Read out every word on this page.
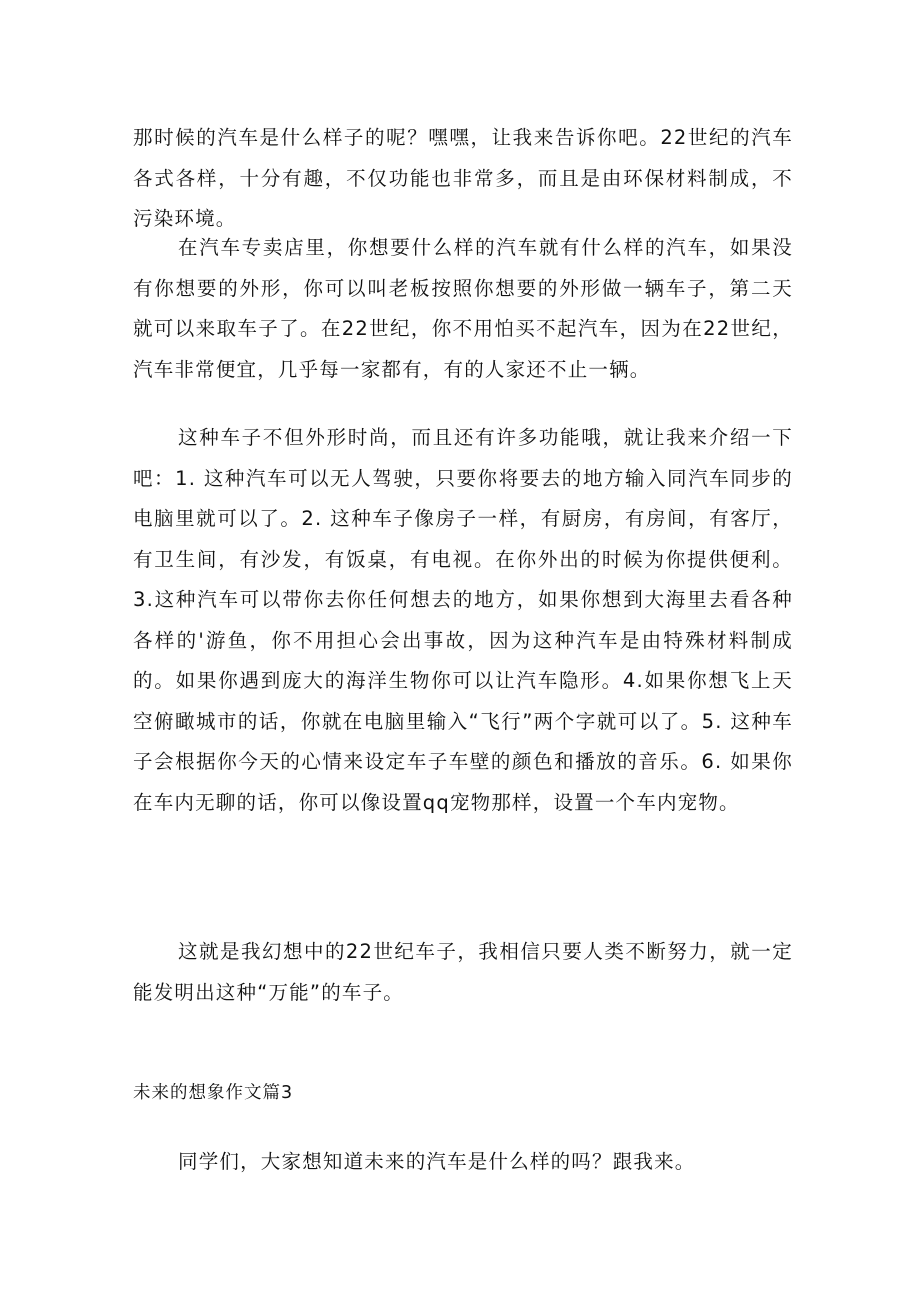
那时候的汽车是什么样子的呢？嘿嘿，让我来告诉你吧。22世纪的汽车各式各样，十分有趣，不仅功能也非常多，而且是由环保材料制成，不污染环境。

在汽车专卖店里，你想要什么样的汽车就有什么样的汽车，如果没有你想要的外形，你可以叫老板按照你想要的外形做一辆车子，第二天就可以来取车子了。在22世纪，你不用怕买不起汽车，因为在22世纪，汽车非常便宜，几乎每一家都有，有的人家还不止一辆。

这种车子不但外形时尚，而且还有许多功能哦，就让我来介绍一下吧：1. 这种汽车可以无人驾驶，只要你将要去的地方输入同汽车同步的电脑里就可以了。2. 这种车子像房子一样，有厨房，有房间，有客厅，有卫生间，有沙发，有饭桌，有电视。在你外出的时候为你提供便利。3.这种汽车可以带你去你任何想去的地方，如果你想到大海里去看各种各样的'游鱼，你不用担心会出事故，因为这种汽车是由特殊材料制成的。如果你遇到庞大的海洋生物你可以让汽车隐形。4.如果你想飞上天空俯瞰城市的话，你就在电脑里输入“飞行”两个字就可以了。5. 这种车子会根据你今天的心情来设定车子车壁的颜色和播放的音乐。6. 如果你在车内无聊的话，你可以像设置qq宠物那样，设置一个车内宠物。

这就是我幻想中的22世纪车子，我相信只要人类不断努力，就一定能发明出这种“万能”的车子。

未来的想象作文篇3

同学们，大家想知道未来的汽车是什么样的吗？跟我来。
